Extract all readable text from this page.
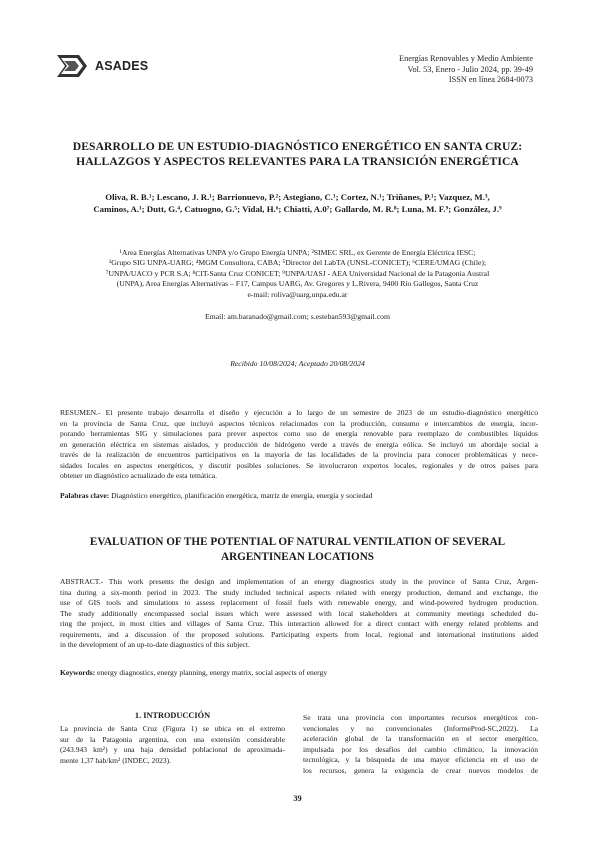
ASADES
Energías Renovables y Medio Ambiente
Vol. 53, Enero - Julio 2024, pp. 39-49
ISSN en línea 2684-0073
DESARROLLO DE UN ESTUDIO-DIAGNÓSTICO ENERGÉTICO EN SANTA CRUZ:
HALLAZGOS Y ASPECTOS RELEVANTES PARA LA TRANSICIÓN ENERGÉTICA
Oliva, R. B.¹; Lescano, J. R.¹; Barrionuevo, P.²; Astegiano, C.¹; Cortez, N.¹; Triñanes, P.¹; Vazquez, M.³,
Caminos, A.¹; Dutt, G.⁴, Catuogno, G.⁵; Vidal, H.⁶; Chiatti, A.0⁷; Gallardo, M. R.⁸; Luna, M. F.⁹; González, J.⁹
¹Area Energías Alternativas UNPA y/o Grupo Energía UNPA; ²SIMEC SRL, ex Gerente de Energía Eléctrica IESC;
³Grupo SIG UNPA-UARG; ⁴MGM Consultora, CABA; ⁵Director del LabTA (UNSL-CONICET); ⁶CERE/UMAG (Chile);
⁷UNPA/UACO y PCR S.A; ⁸CIT-Santa Cruz CONICET; ⁹UNPA/UASJ - AEA Universidad Nacional de la Patagonia Austral
(UNPA), Area Energías Alternativas – F17, Campus UARG, Av. Gregores y L.Rivera, 9400 Río Gallegos, Santa Cruz
e-mail: roliva@uarg.unpa.edu.ar
Email: am.baranado@gmail.com; s.esteban593@gmail.com
Recibido 10/08/2024; Aceptado 20/08/2024
RESUMEN.- El presente trabajo desarrolla el diseño y ejecución a lo largo de un semestre de 2023 de un estudio-diagnóstico energético
en la provincia de Santa Cruz, que incluyó aspectos técnicos relacionados con la producción, consumo e intercambios de energía, incor-
porando herramientas SIG y simulaciones para prever aspectos como uso de energía renovable para reemplazo de combustibles líquidos
en generación eléctrica en sistemas aislados, y producción de hidrógeno verde a través de energía eólica. Se incluyó un abordaje social a
través de la realización de encuentros participativos en la mayoría de las localidades de la provincia para conocer problemáticas y nece-
sidades locales en aspectos energéticos, y discutir posibles soluciones. Se involucraron expertos locales, regionales y de otros países para
obtener un diagnóstico actualizado de esta temática.
Palabras clave: Diagnóstico energético, planificación energética, matriz de energía, energía y sociedad
EVALUATION OF THE POTENTIAL OF NATURAL VENTILATION OF SEVERAL
ARGENTINEAN LOCATIONS
ABSTRACT.- This work presents the design and implementation of an energy diagnostics study in the province of Santa Cruz, Argen-
tina during a six-month period in 2023. The study included technical aspects related with energy production, demand and exchange, the
use of GIS tools and simulations to assess replacement of fossil fuels with renewable energy, and wind-powered hydrogen production.
The study additionally encompassed social issues which were assessed with local stakeholders at community meetings scheduled du-
ring the project, in most cities and villages of Santa Cruz. This interaction allowed for a direct contact with energy related problems and
requirements, and a discussion of the proposed solutions. Participating experts from local, regional and international institutions aided
in the development of an up-to-date diagnostics of this subject.
Keywords: energy diagnostics, energy planning, energy matrix, social aspects of energy
1. INTRODUCCIÓN
La provincia de Santa Cruz (Figura 1) se ubica en el extremo
sur de la Patagonia argentina, con una extensión considerable
(243.943 km²) y una baja densidad poblacional de aproximada-
mente 1,37 hab/km² (INDEC, 2023).
Se trata una provincia con importantes recursos energéticos con-
vencionales y no convencionales (InformeProd-SC,2022). La
aceleración global de la transformación en el sector energético,
impulsada por los desafíos del cambio climático, la innovación
tecnológica, y la búsqueda de una mayor eficiencia en el uso de
los recursos, genera la exigencia de crear nuevos modelos de
39
